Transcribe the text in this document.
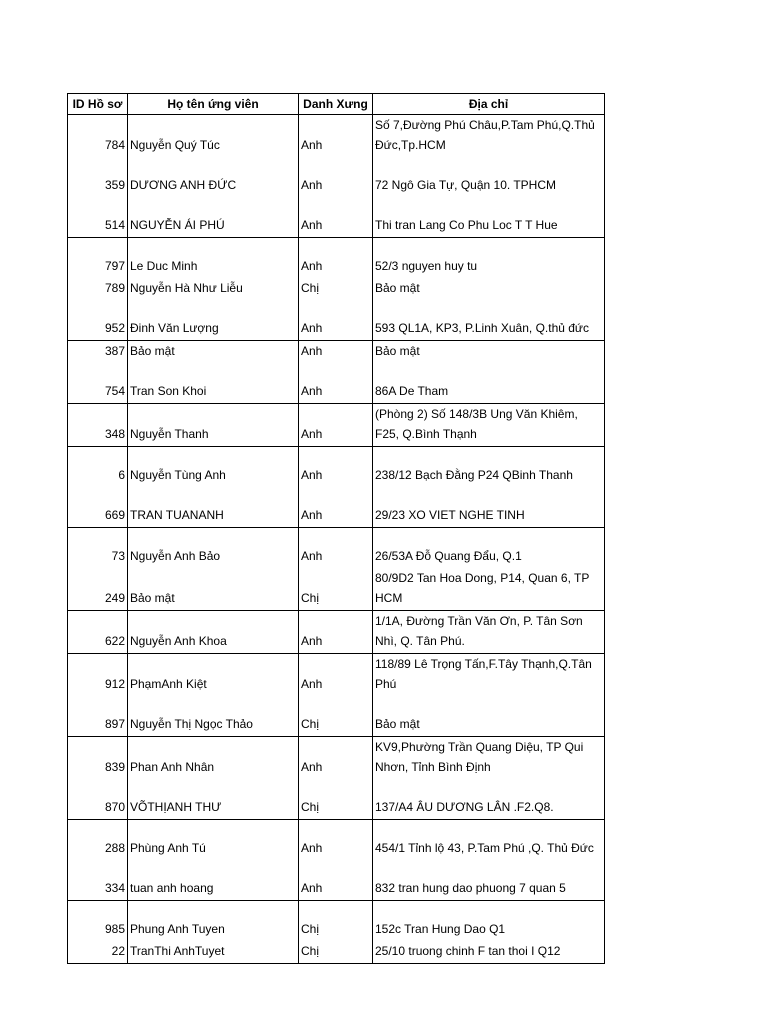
ID Hồ sơ	Họ tên ứng viên	Danh Xưng	Địa chỉ
784	Nguyễn Quý Túc	Anh	Số 7,Đường Phú Châu,P.Tam Phú,Q.Thủ Đức,Tp.HCM
359	DƯƠNG ANH ĐỨC	Anh	72 Ngô Gia Tự, Quận 10. TPHCM
514	NGUYỄN ÁI PHÚ	Anh	Thi tran Lang Co Phu Loc T T Hue
797	Le Duc Minh	Anh	52/3 nguyen huy tu
789	Nguyễn Hà Như Liễu	Chị	Bảo mật
952	Đinh Văn Lượng	Anh	593 QL1A, KP3, P.Linh Xuân, Q.thủ đức
387	Bảo mật	Anh	Bảo mật
754	Tran Son Khoi	Anh	86A De Tham
348	Nguyễn Thanh	Anh	(Phòng 2) Số 148/3B Ung Văn Khiêm, F25, Q.Bình Thạnh
6	Nguyễn Tùng Anh	Anh	238/12 Bạch Đằng P24 QBinh Thanh
669	TRAN TUANANH	Anh	29/23 XO VIET NGHE TINH
73	Nguyễn Anh Bảo	Anh	26/53A Đỗ Quang Đẩu, Q.1
249	Bảo mật	Chị	80/9D2 Tan Hoa Dong, P14, Quan 6, TP HCM
622	Nguyễn Anh Khoa	Anh	1/1A, Đường Trần Văn Ơn, P. Tân Sơn Nhì, Q. Tân Phú.
912	PhạmAnh Kiệt	Anh	118/89 Lê Trọng Tấn,F.Tây Thạnh,Q.Tân Phú
897	Nguyễn Thị Ngọc Thảo	Chị	Bảo mật
839	Phan Anh Nhân	Anh	KV9,Phường Trần Quang Diệu, TP Qui Nhơn, Tỉnh Bình Định
870	VÕTHỊANH THƯ	Chị	137/A4 ÂU DƯƠNG LÂN .F2.Q8.
288	Phùng Anh Tú	Anh	454/1 Tỉnh lộ 43, P.Tam Phú ,Q. Thủ Đức
334	tuan anh hoang	Anh	832 tran hung dao phuong 7 quan 5
985	Phung Anh Tuyen	Chị	152c Tran Hung Dao Q1
22	TranThi AnhTuyet	Chị	25/10 truong chinh F tan thoi I Q12
